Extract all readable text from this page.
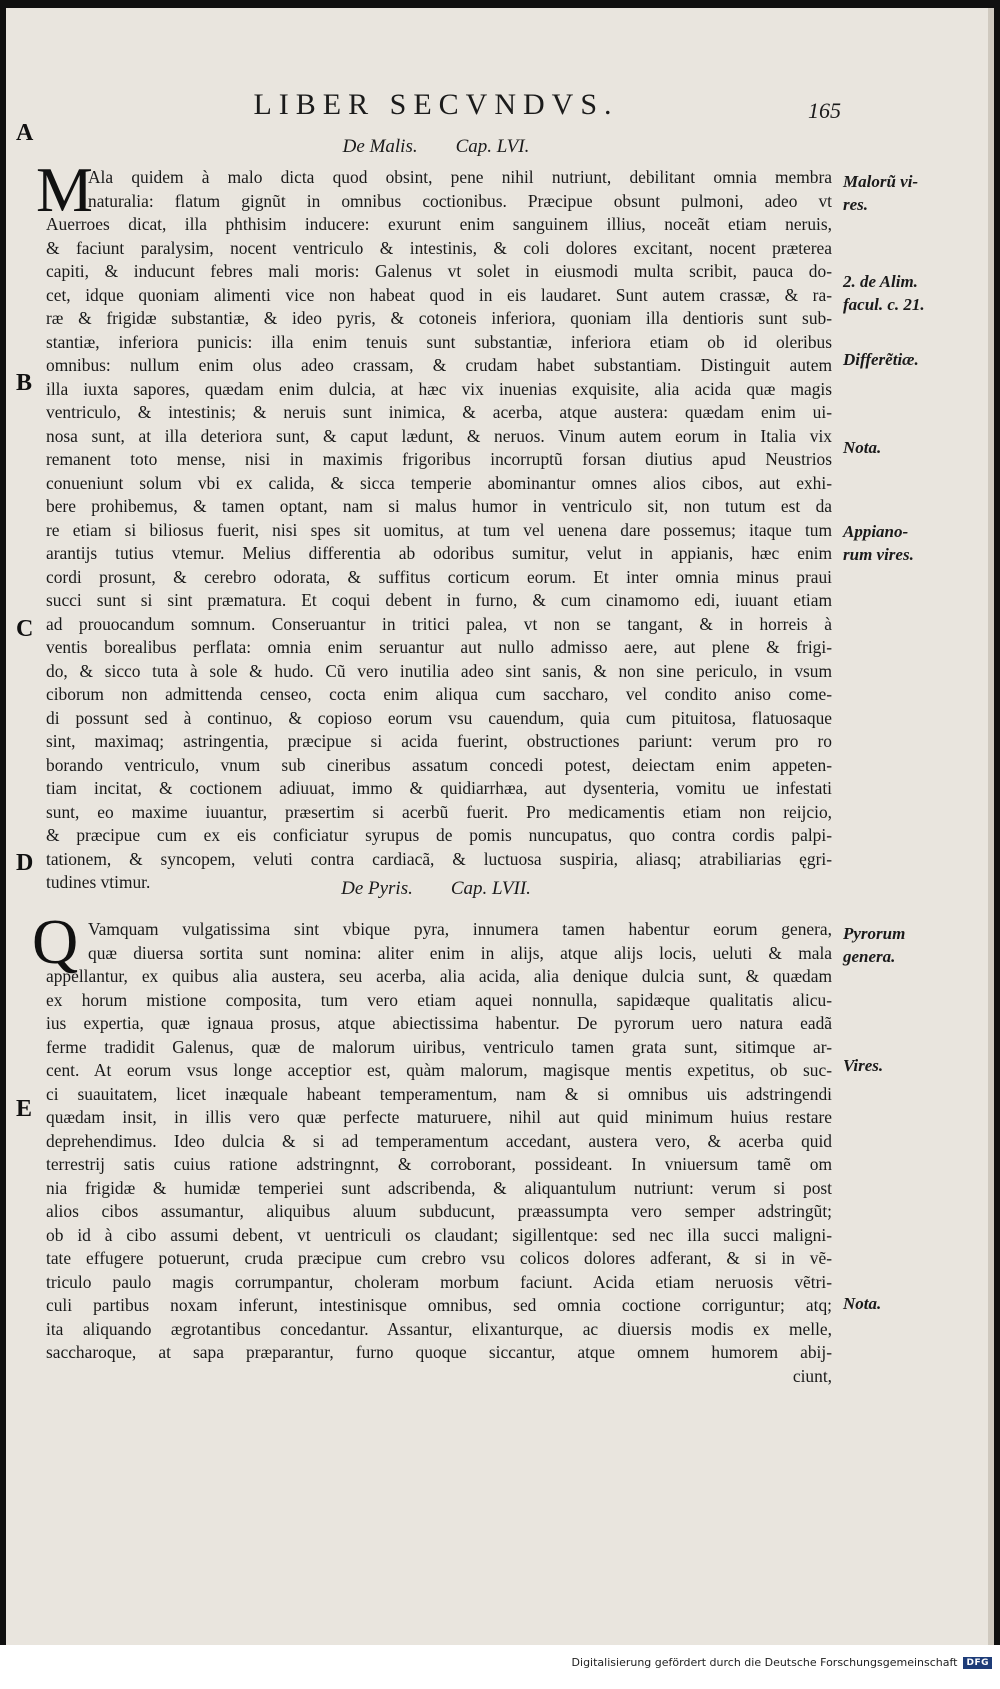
LIBER SECVNDVS.	165
A
B
C
D
E
De Malis. Cap. LVI.
M
Ala quidem à malo dicta quod obsint, pene nihil nutriunt, debilitant omnia membra
naturalia: flatum gignũt in omnibus coctionibus. Præcipue obsunt pulmoni, adeo vt
Auerroes dicat, illa phthisim inducere: exurunt enim sanguinem illius, noceãt etiam neruis,
& faciunt paralysim, nocent ventriculo & intestinis, & coli dolores excitant, nocent præterea
capiti, & inducunt febres mali moris: Galenus vt solet in eiusmodi multa scribit, pauca do-
cet, idque quoniam alimenti vice non habeat quod in eis laudaret. Sunt autem crassæ, & ra-
ræ & frigidæ substantiæ, & ideo pyris, & cotoneis inferiora, quoniam illa dentioris sunt sub-
stantiæ, inferiora punicis: illa enim tenuis sunt substantiæ, inferiora etiam ob id oleribus
omnibus: nullum enim olus adeo crassam, & crudam habet substantiam. Distinguit autem
illa iuxta sapores, quædam enim dulcia, at hæc vix inuenias exquisite, alia acida quæ magis
ventriculo, & intestinis; & neruis sunt inimica, & acerba, atque austera: quædam enim ui-
nosa sunt, at illa deteriora sunt, & caput lædunt, & neruos. Vinum autem eorum in Italia vix
remanent toto mense, nisi in maximis frigoribus incorruptũ forsan diutius apud Neustrios
conueniunt solum vbi ex calida, & sicca temperie abominantur omnes alios cibos, aut exhi-
bere prohibemus, & tamen optant, nam si malus humor in ventriculo sit, non tutum est da
re etiam si biliosus fuerit, nisi spes sit uomitus, at tum vel uenena dare possemus; itaque tum
arantijs tutius vtemur. Melius differentia ab odoribus sumitur, velut in appianis, hæc enim
cordi prosunt, & cerebro odorata, & suffitus corticum eorum. Et inter omnia minus praui
succi sunt si sint præmatura. Et coqui debent in furno, & cum cinamomo edi, iuuant etiam
ad prouocandum somnum. Conseruantur in tritici palea, vt non se tangant, & in horreis à
ventis borealibus perflata: omnia enim seruantur aut nullo admisso aere, aut plene & frigi-
do, & sicco tuta à sole & hudo. Cũ vero inutilia adeo sint sanis, & non sine periculo, in vsum
ciborum non admittenda censeo, cocta enim aliqua cum saccharo, vel condito aniso come-
di possunt sed à continuo, & copioso eorum vsu cauendum, quia cum pituitosa, flatuosaque
sint, maximaq; astringentia, præcipue si acida fuerint, obstructiones pariunt: verum pro ro
borando ventriculo, vnum sub cineribus assatum concedi potest, deiectam enim appeten-
tiam incitat, & coctionem adiuuat, immo & quidiarrhæa, aut dysenteria, vomitu ue infestati
sunt, eo maxime iuuantur, præsertim si acerbũ fuerit. Pro medicamentis etiam non reijcio,
& præcipue cum ex eis conficiatur syrupus de pomis nuncupatus, quo contra cordis palpi-
tationem, & syncopem, veluti contra cardiacã, & luctuosa suspiria, aliasq; atrabiliarias ęgri-
tudines vtimur.	De Pyris. Cap. LVII.
Q Vamquam vulgatissima sint vbique pyra, innumera tamen habentur eorum genera,
quæ diuersa sortita sunt nomina: aliter enim in alijs, atque alijs locis, ueluti & mala
appellantur, ex quibus alia austera, seu acerba, alia acida, alia denique dulcia sunt, & quædam
ex horum mistione composita, tum vero etiam aquei nonnulla, sapidæque qualitatis alicu-
ius expertia, quæ ignaua prosus, atque abiectissima habentur. De pyrorum uero natura eadã
ferme tradidit Galenus, quæ de malorum uiribus, ventriculo tamen grata sunt, sitimque ar-
cent. At eorum vsus longe acceptior est, quàm malorum, magisque mentis expetitus, ob suc-
ci suauitatem, licet inæquale habeant temperamentum, nam & si omnibus uis adstringendi
quædam insit, in illis vero quæ perfecte maturuere, nihil aut quid minimum huius restare
deprehendimus. Ideo dulcia & si ad temperamentum accedant, austera vero, & acerba quid
terrestrij satis cuius ratione adstringnnt, & corroborant, possideant. In vniuersum tamẽ om
nia frigidæ & humidæ temperiei sunt adscribenda, & aliquantulum nutriunt: verum si post
alios cibos assumantur, aliquibus aluum subducunt, præassumpta vero semper adstringũt;
ob id à cibo assumi debent, vt uentriculi os claudant; sigillentque: sed nec illa succi maligni-
tate effugere potuerunt, cruda præcipue cum crebro vsu colicos dolores adferant, & si in vẽ-
triculo paulo magis corrumpantur, choleram morbum faciunt. Acida etiam neruosis vẽtri-
culi partibus noxam inferunt, intestinisque omnibus, sed omnia coctione corriguntur; atq;
ita aliquando ægrotantibus concedantur. Assantur, elixanturque, ac diuersis modis ex melle,
saccharoque, at sapa præparantur, furno quoque siccantur, atque omnem humorem abij-
ciunt,
Malorũ vi-
res.
2. de Alim.
facul. c. 21.
Differẽtiæ.
Nota.
Appiano-
rum vires.
Pyrorum
genera.
Vires.
Nota.
Digitalisierung gefördert durch die Deutsche Forschungsgemeinschaft	DFG
